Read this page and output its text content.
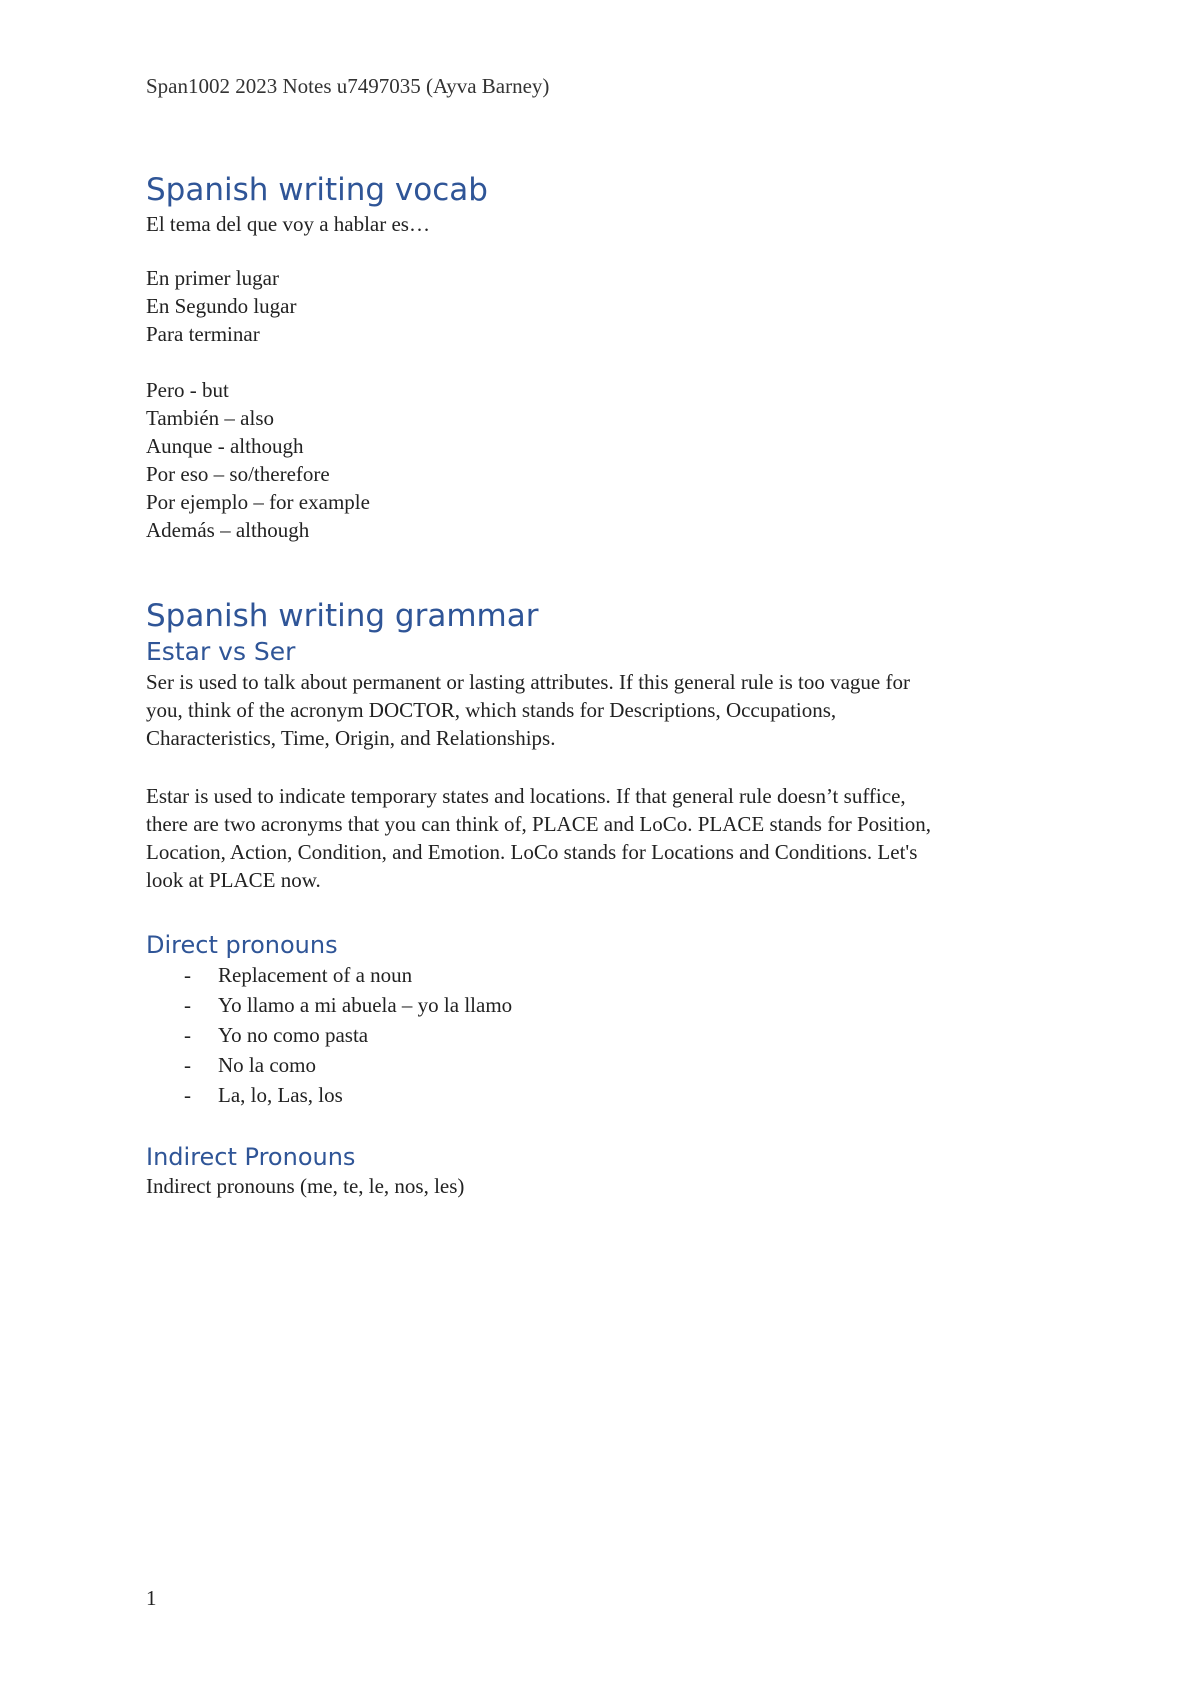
Span1002 2023 Notes u7497035 (Ayva Barney)
Spanish writing vocab

El tema del que voy a hablar es…

En primer lugar

En Segundo lugar

Para terminar

Pero - but

También – also

Aunque - although

Por eso – so/therefore

Por ejemplo – for example

Además – although

Spanish writing grammar
Estar vs Ser

Ser is used to talk about permanent or lasting attributes. If this general rule is too vague for

you, think of the acronym DOCTOR, which stands for Descriptions, Occupations,

Characteristics, Time, Origin, and Relationships.

Estar is used to indicate temporary states and locations. If that general rule doesn’t suffice,

there are two acronyms that you can think of, PLACE and LoCo. PLACE stands for Position,

Location, Action, Condition, and Emotion. LoCo stands for Locations and Conditions. Let's

look at PLACE now.

Direct pronouns
- Replacement of a noun
- Yo llamo a mi abuela – yo la llamo
- Yo no como pasta
- No la como
- La, lo, Las, los
Indirect Pronouns

Indirect pronouns (me, te, le, nos, les)

1
